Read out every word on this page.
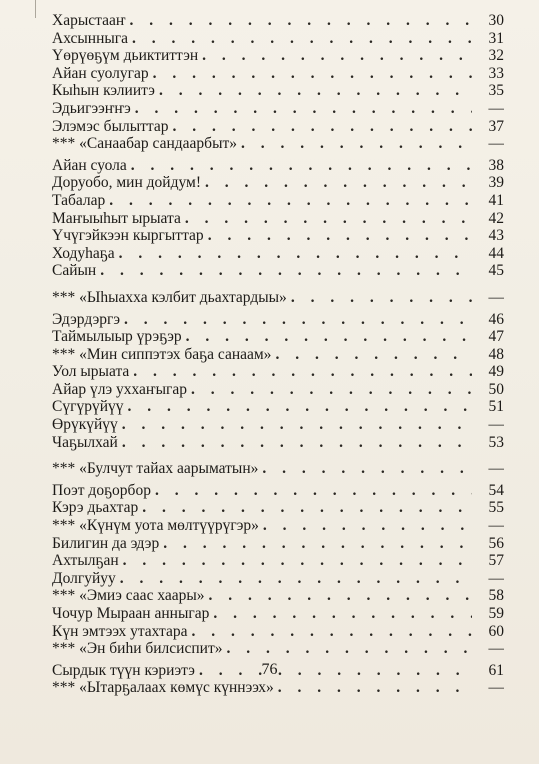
Харыстааҥ . . .	30
Ахсынныга . . .	31
Үөрүөҕүм дьиктиттэн . . .	32
Айан суолугар . . .	33
Кыһын кэлиитэ . . .	35
Эдьигээҥҥэ . . .	—
Элэмэс былыттар . . .	37
*** «Санаабар сандаарбыт» . . .	—
Айан суола . . .	38
Доруобо, мин дойдум! . . .	39
Табалар . . .	41
Маҥыыһыт ырыата . . .	42
Үчүгэйкээн кыргыттар . . .	43
Ходуһаҕа . . .	44
Сайын . . .	45
*** «Ыһыахха кэлбит дьахтардыы» . . .	—
Эдэрдэргэ . . .	46
Таймылыыр үрэҕэр . . .	47
*** «Мин сиппэтэх баҕа санаам» . . .	48
Уол ырыата . . .	49
Айар үлэ уххаҥыгар . . .	50
Сүгүрүйүү . . .	51
Өрүкүйүү . . .	—
Чаҕылхай . . .	53
*** «Булчут тайах аарыматын» . . .	—
Поэт доҕорбор . . .	54
Кэрэ дьахтар . . .	55
*** «Күнүм уота мөлтүүрүгэр» . . .	—
Билигин да эдэр . . .	56
Ахтылҕан . . .	57
Долгуйуу . . .	—
*** «Эмиэ саас хаары» . . .	58
Чочур Мыраан анныгар . . .	59
Күн эмтээх утахтара . . .	60
*** «Эн биһи билсиспит» . . .	—
Сырдык түүн кэриэтэ . . .	61
*** «Ытарҕалаах көмүс күннээх» . . .	—
76
